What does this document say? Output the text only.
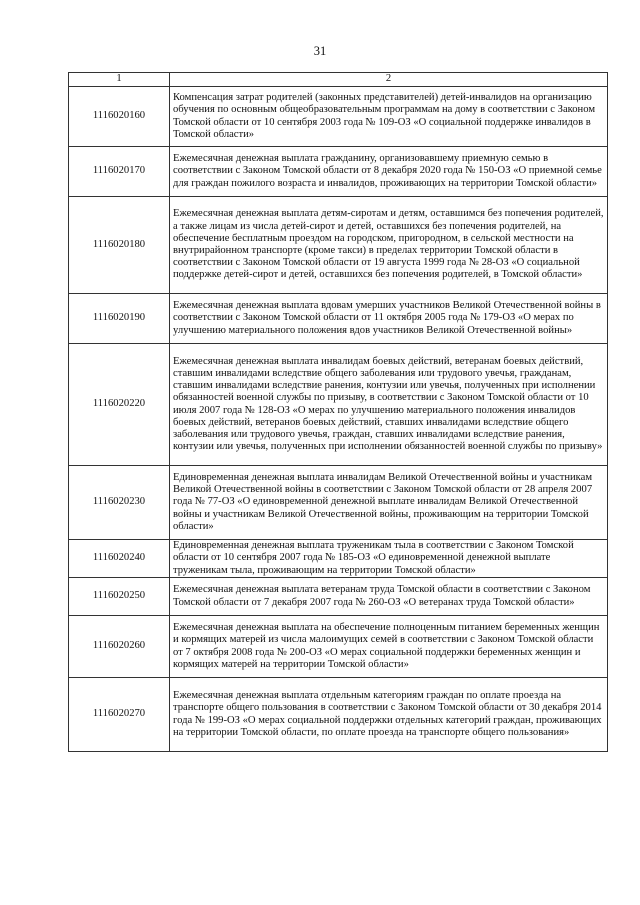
31
1	2
1116020160	Компенсация затрат родителей (законных представителей) детей-инвалидов на организацию обучения по основным общеобразовательным программам на дому в соответствии с Законом Томской области от 10 сентября 2003 года № 109-ОЗ «О социальной поддержке инвалидов в Томской области»
1116020170	Ежемесячная денежная выплата гражданину, организовавшему приемную семью в соответствии с Законом Томской области от 8 декабря 2020 года № 150-ОЗ «О приемной семье для граждан пожилого возраста и инвалидов, проживающих на территории Томской области»
1116020180	Ежемесячная денежная выплата детям-сиротам и детям, оставшимся без попечения родителей, а также лицам из числа детей-сирот и детей, оставшихся без попечения родителей, на обеспечение бесплатным проездом на городском, пригородном, в сельской местности на внутрирайонном транспорте (кроме такси) в пределах территории Томской области в соответствии с Законом Томской области от 19 августа 1999 года № 28-ОЗ «О социальной поддержке детей-сирот и детей, оставшихся без попечения родителей, в Томской области»
1116020190	Ежемесячная денежная выплата вдовам умерших участников Великой Отечественной войны в соответствии с Законом Томской области от 11 октября 2005 года № 179-ОЗ «О мерах по улучшению материального положения вдов участников Великой Отечественной войны»
1116020220	Ежемесячная денежная выплата инвалидам боевых действий, ветеранам боевых действий, ставшим инвалидами вследствие общего заболевания или трудового увечья, гражданам, ставшим инвалидами вследствие ранения, контузии или увечья, полученных при исполнении обязанностей военной службы по призыву, в соответствии с Законом Томской области от 10 июля 2007 года № 128-ОЗ «О мерах по улучшению материального положения инвалидов боевых действий, ветеранов боевых действий, ставших инвалидами вследствие общего заболевания или трудового увечья, граждан, ставших инвалидами вследствие ранения, контузии или увечья, полученных при исполнении обязанностей военной службы по призыву»
1116020230	Единовременная денежная выплата инвалидам Великой Отечественной войны и участникам Великой Отечественной войны в соответствии с Законом Томской области от 28 апреля 2007 года № 77-ОЗ «О единовременной денежной выплате инвалидам Великой Отечественной войны и участникам Великой Отечественной войны, проживающим на территории Томской области»
1116020240	Единовременная денежная выплата труженикам тыла в соответствии с Законом Томской области от 10 сентября 2007 года № 185-ОЗ «О единовременной денежной выплате труженикам тыла, проживающим на территории Томской области»
1116020250	Ежемесячная денежная выплата ветеранам труда Томской области в соответствии с Законом Томской области от 7 декабря 2007 года № 260-ОЗ «О ветеранах труда Томской области»
1116020260	Ежемесячная денежная выплата на обеспечение полноценным питанием беременных женщин и кормящих матерей из числа малоимущих семей в соответствии с Законом Томской области от 7 октября 2008 года № 200-ОЗ «О мерах социальной поддержки беременных женщин и кормящих матерей на территории Томской области»
1116020270	Ежемесячная денежная выплата отдельным категориям граждан по оплате проезда на транспорте общего пользования в соответствии с Законом Томской области от 30 декабря 2014 года № 199-ОЗ «О мерах социальной поддержки отдельных категорий граждан, проживающих на территории Томской области, по оплате проезда на транспорте общего пользования»
